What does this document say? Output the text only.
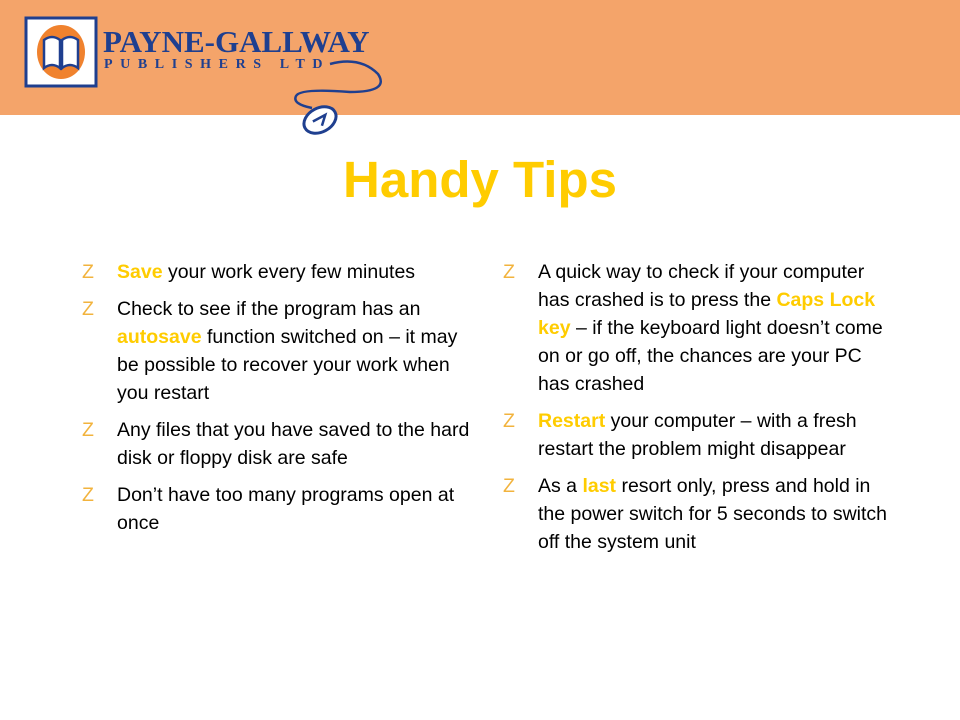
PAYNE-GALLWAY
PUBLISHERS LTD
Handy Tips
Z Save your work every few minutes
Z Check to see if the program has an autosave function switched on – it may be possible to recover your work when you restart
Z Any files that you have saved to the hard disk or floppy disk are safe
Z Don’t have too many programs open at once
Z A quick way to check if your computer has crashed is to press the Caps Lock key – if the keyboard light doesn’t come on or go off, the chances are your PC has crashed
Z Restart your computer – with a fresh restart the problem might disappear
Z As a last resort only, press and hold in the power switch for 5 seconds to switch off the system unit
